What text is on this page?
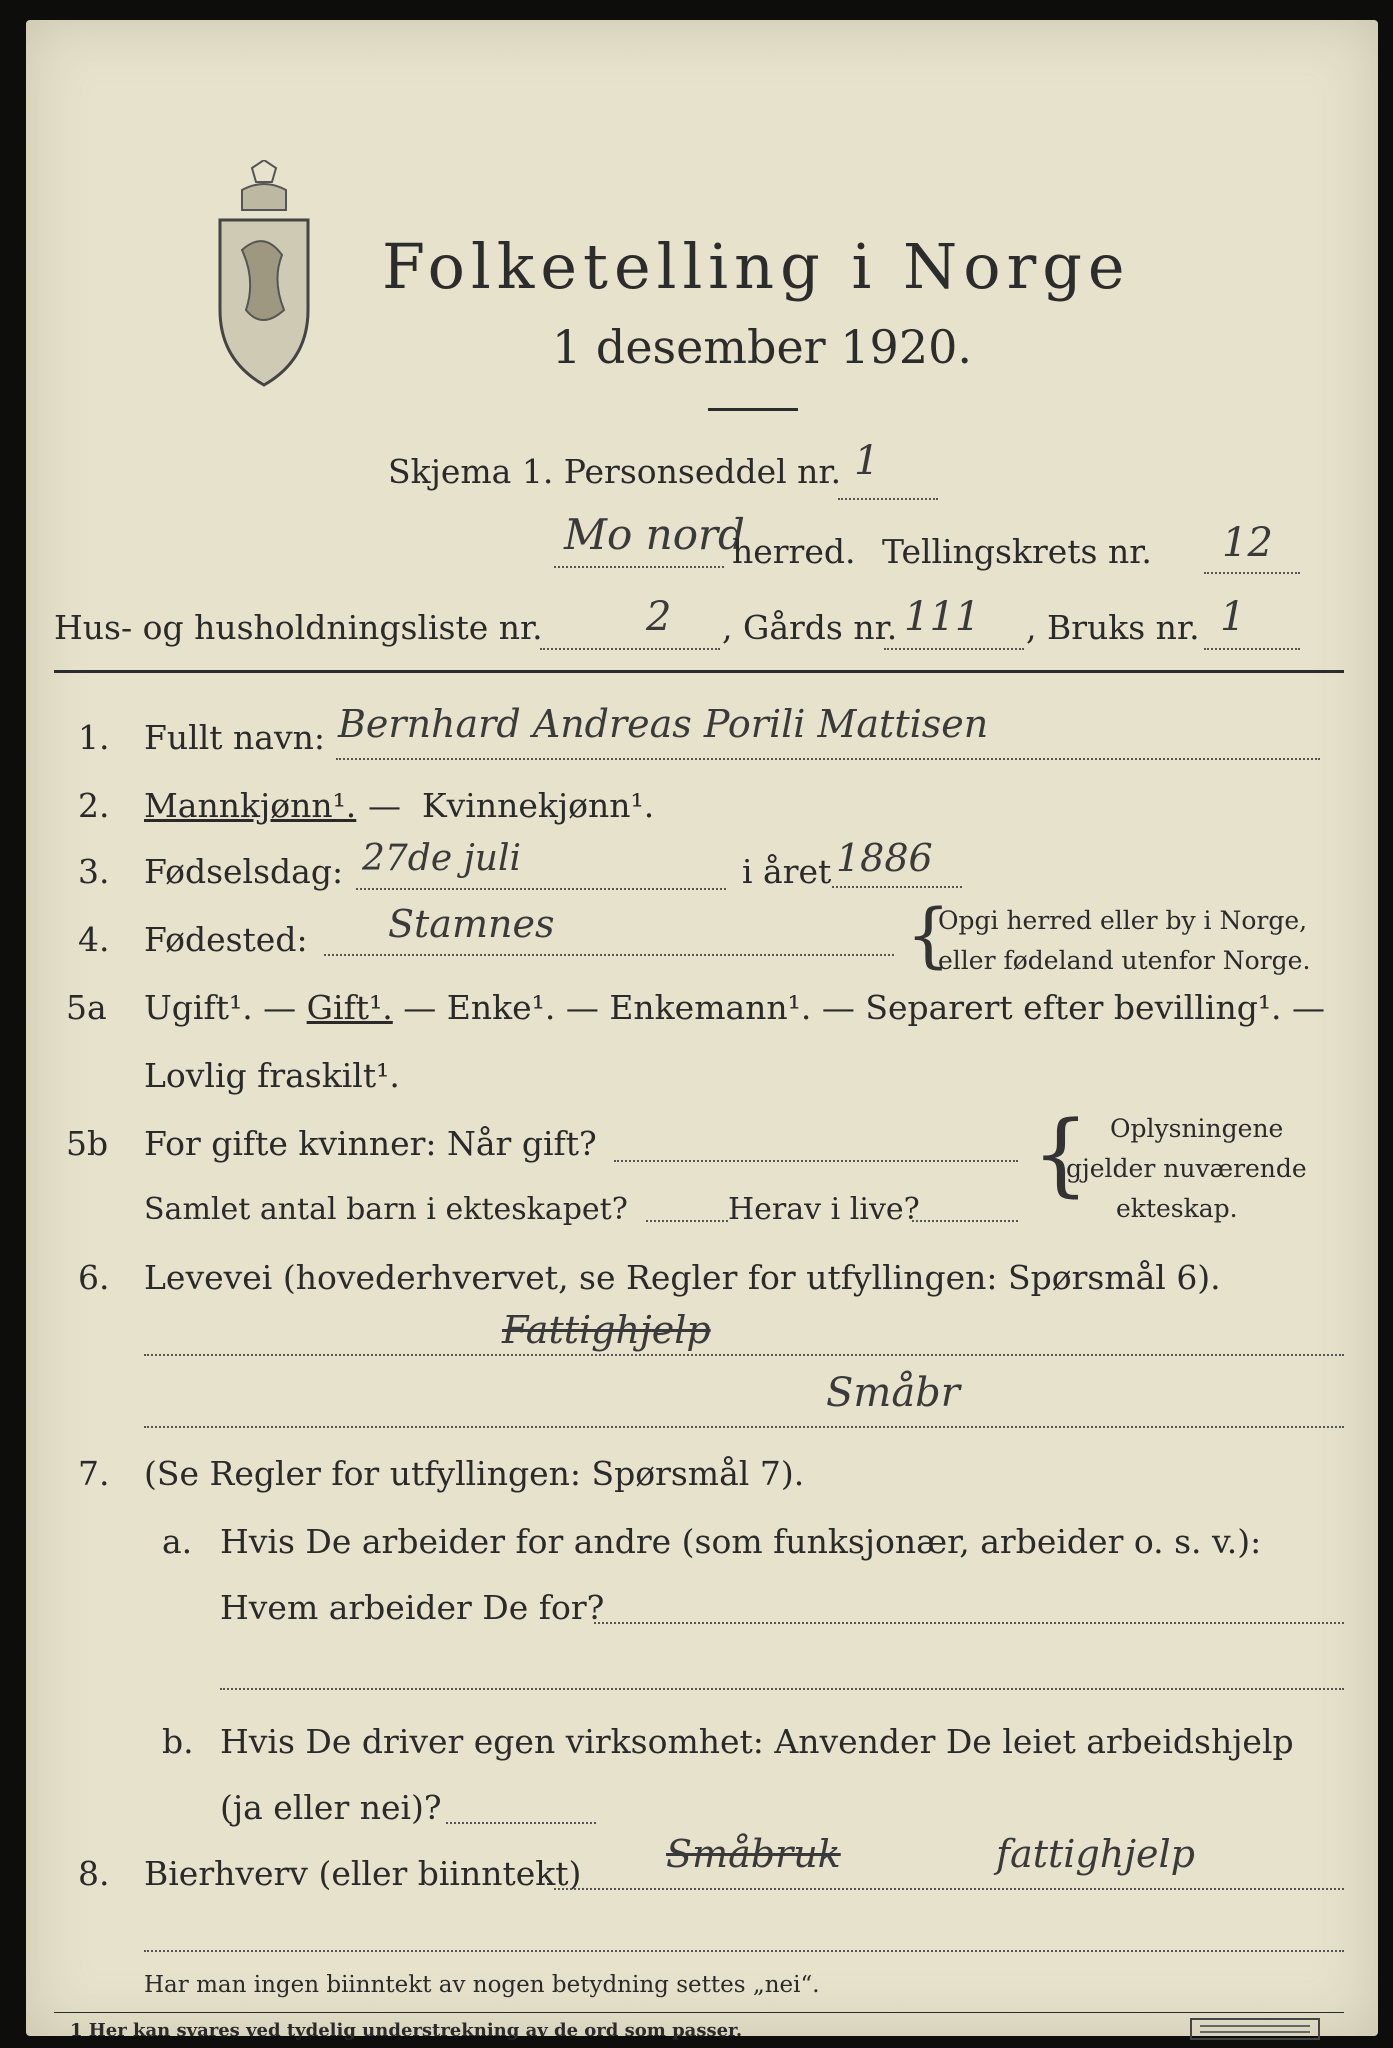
Folketelling i Norge
1 desember 1920.
Skjema 1. Personseddel nr. 1
Mo nord
herred. Tellingskrets nr. 12
Hus- og husholdningsliste nr.	2 , Gårds nr. 111 , Bruks nr. 1
1. Fullt navn: Bernhard Andreas Porili Mattisen
2. Mannkjønn¹. — Kvinnekjønn¹.
3. Fødselsdag: 27de juli	i året 1886
4. Fødested: Stamnes	{
Opgi herred eller by i Norge,
eller fødeland utenfor Norge.
5a Ugift¹. — Gift¹. — Enke¹. — Enkemann¹. — Separert efter bevilling¹. —
Lovlig fraskilt¹.
5b For gifte kvinner: Når gift?
Samlet antal barn i ekteskapet?	Herav i live?
{ Oplysningene
gjelder nuværende
ekteskap.
6. Levevei (hovederhvervet, se Regler for utfyllingen: Spørsmål 6).
Fattighjelp
Småbr
7. (Se Regler for utfyllingen: Spørsmål 7).
a. Hvis De arbeider for andre (som funksjonær, arbeider o. s. v.):
Hvem arbeider De for?
b. Hvis De driver egen virksomhet: Anvender De leiet arbeidshjelp
(ja eller nei)?
8. Bierhverv (eller biinntekt) Småbruk	fattighjelp
Har man ingen biinntekt av nogen betydning settes „nei“.
1 Her kan svares ved tydelig understrekning av de ord som passer.
